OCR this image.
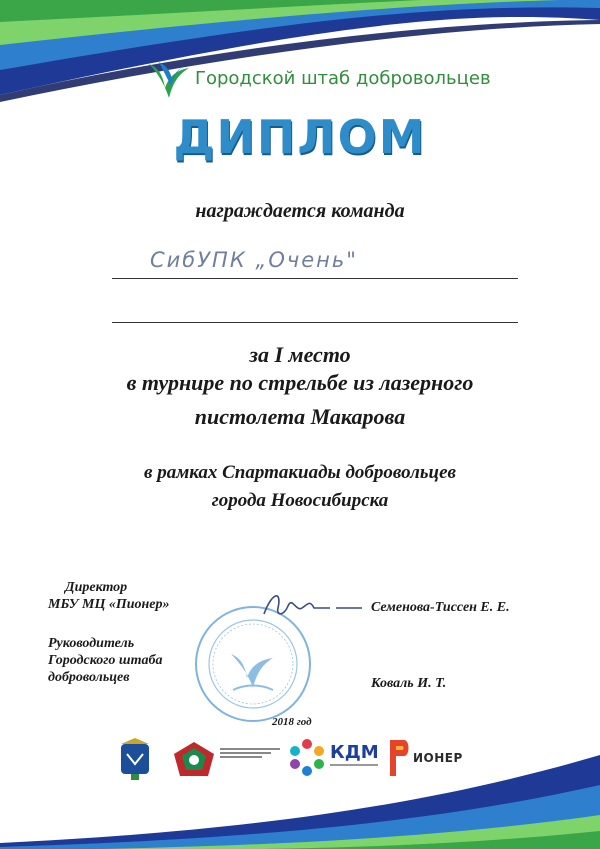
Городской штаб добровольцев
ДИПЛОМ
награждается команда
СибУПК „Очень"
за I место
в турнире по стрельбе из лазерного
пистолета Макарова
в рамках Спартакиады добровольцев
города Новосибирска
Директор
МБУ МЦ «Пионер»	Семенова-Тиссен Е. Е.
Руководитель
Городского штаба
добровольцев	Коваль И. Т.
2018 год
КДМ	ИОНЕР
